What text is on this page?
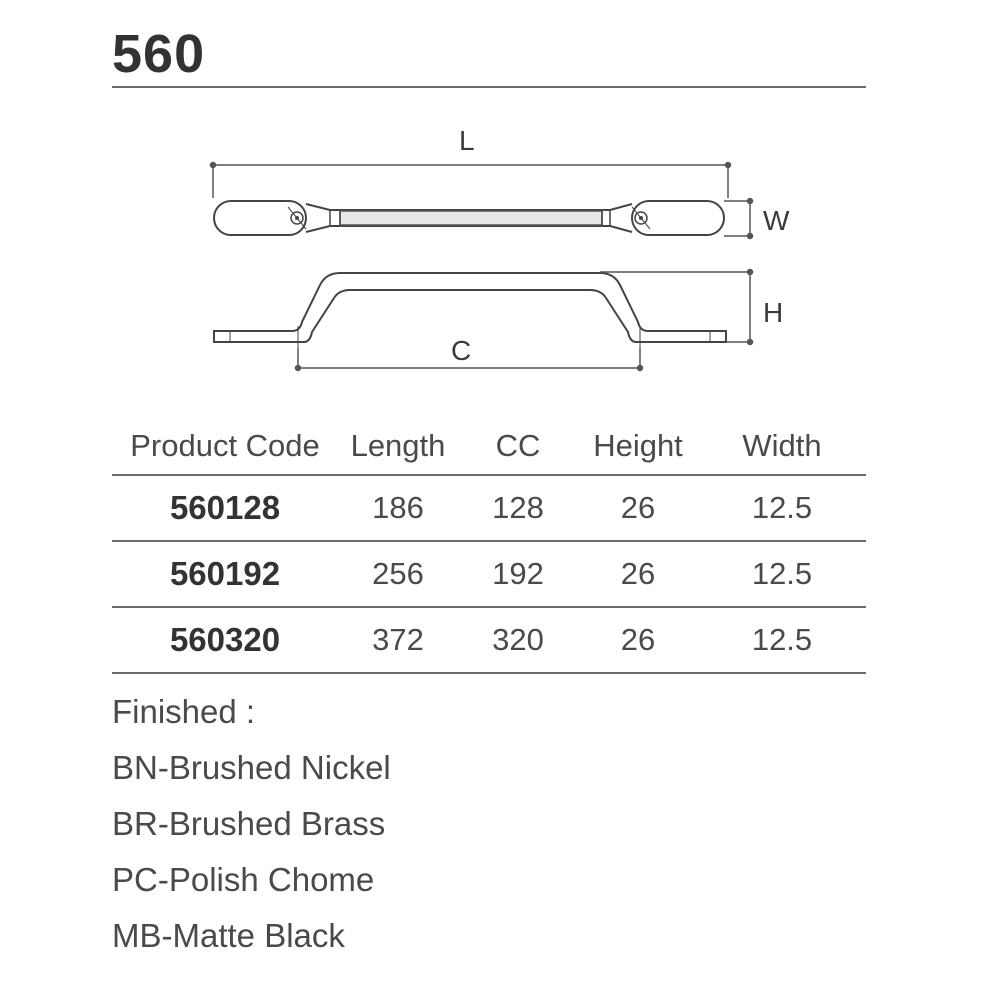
560
L
W
H
C
Product Code	Length	CC	Height	Width
560128	186	128	26	12.5
560192	256	192	26	12.5
560320	372	320	26	12.5
Finished :
BN-Brushed Nickel
BR-Brushed Brass
PC-Polish Chome
MB-Matte Black
